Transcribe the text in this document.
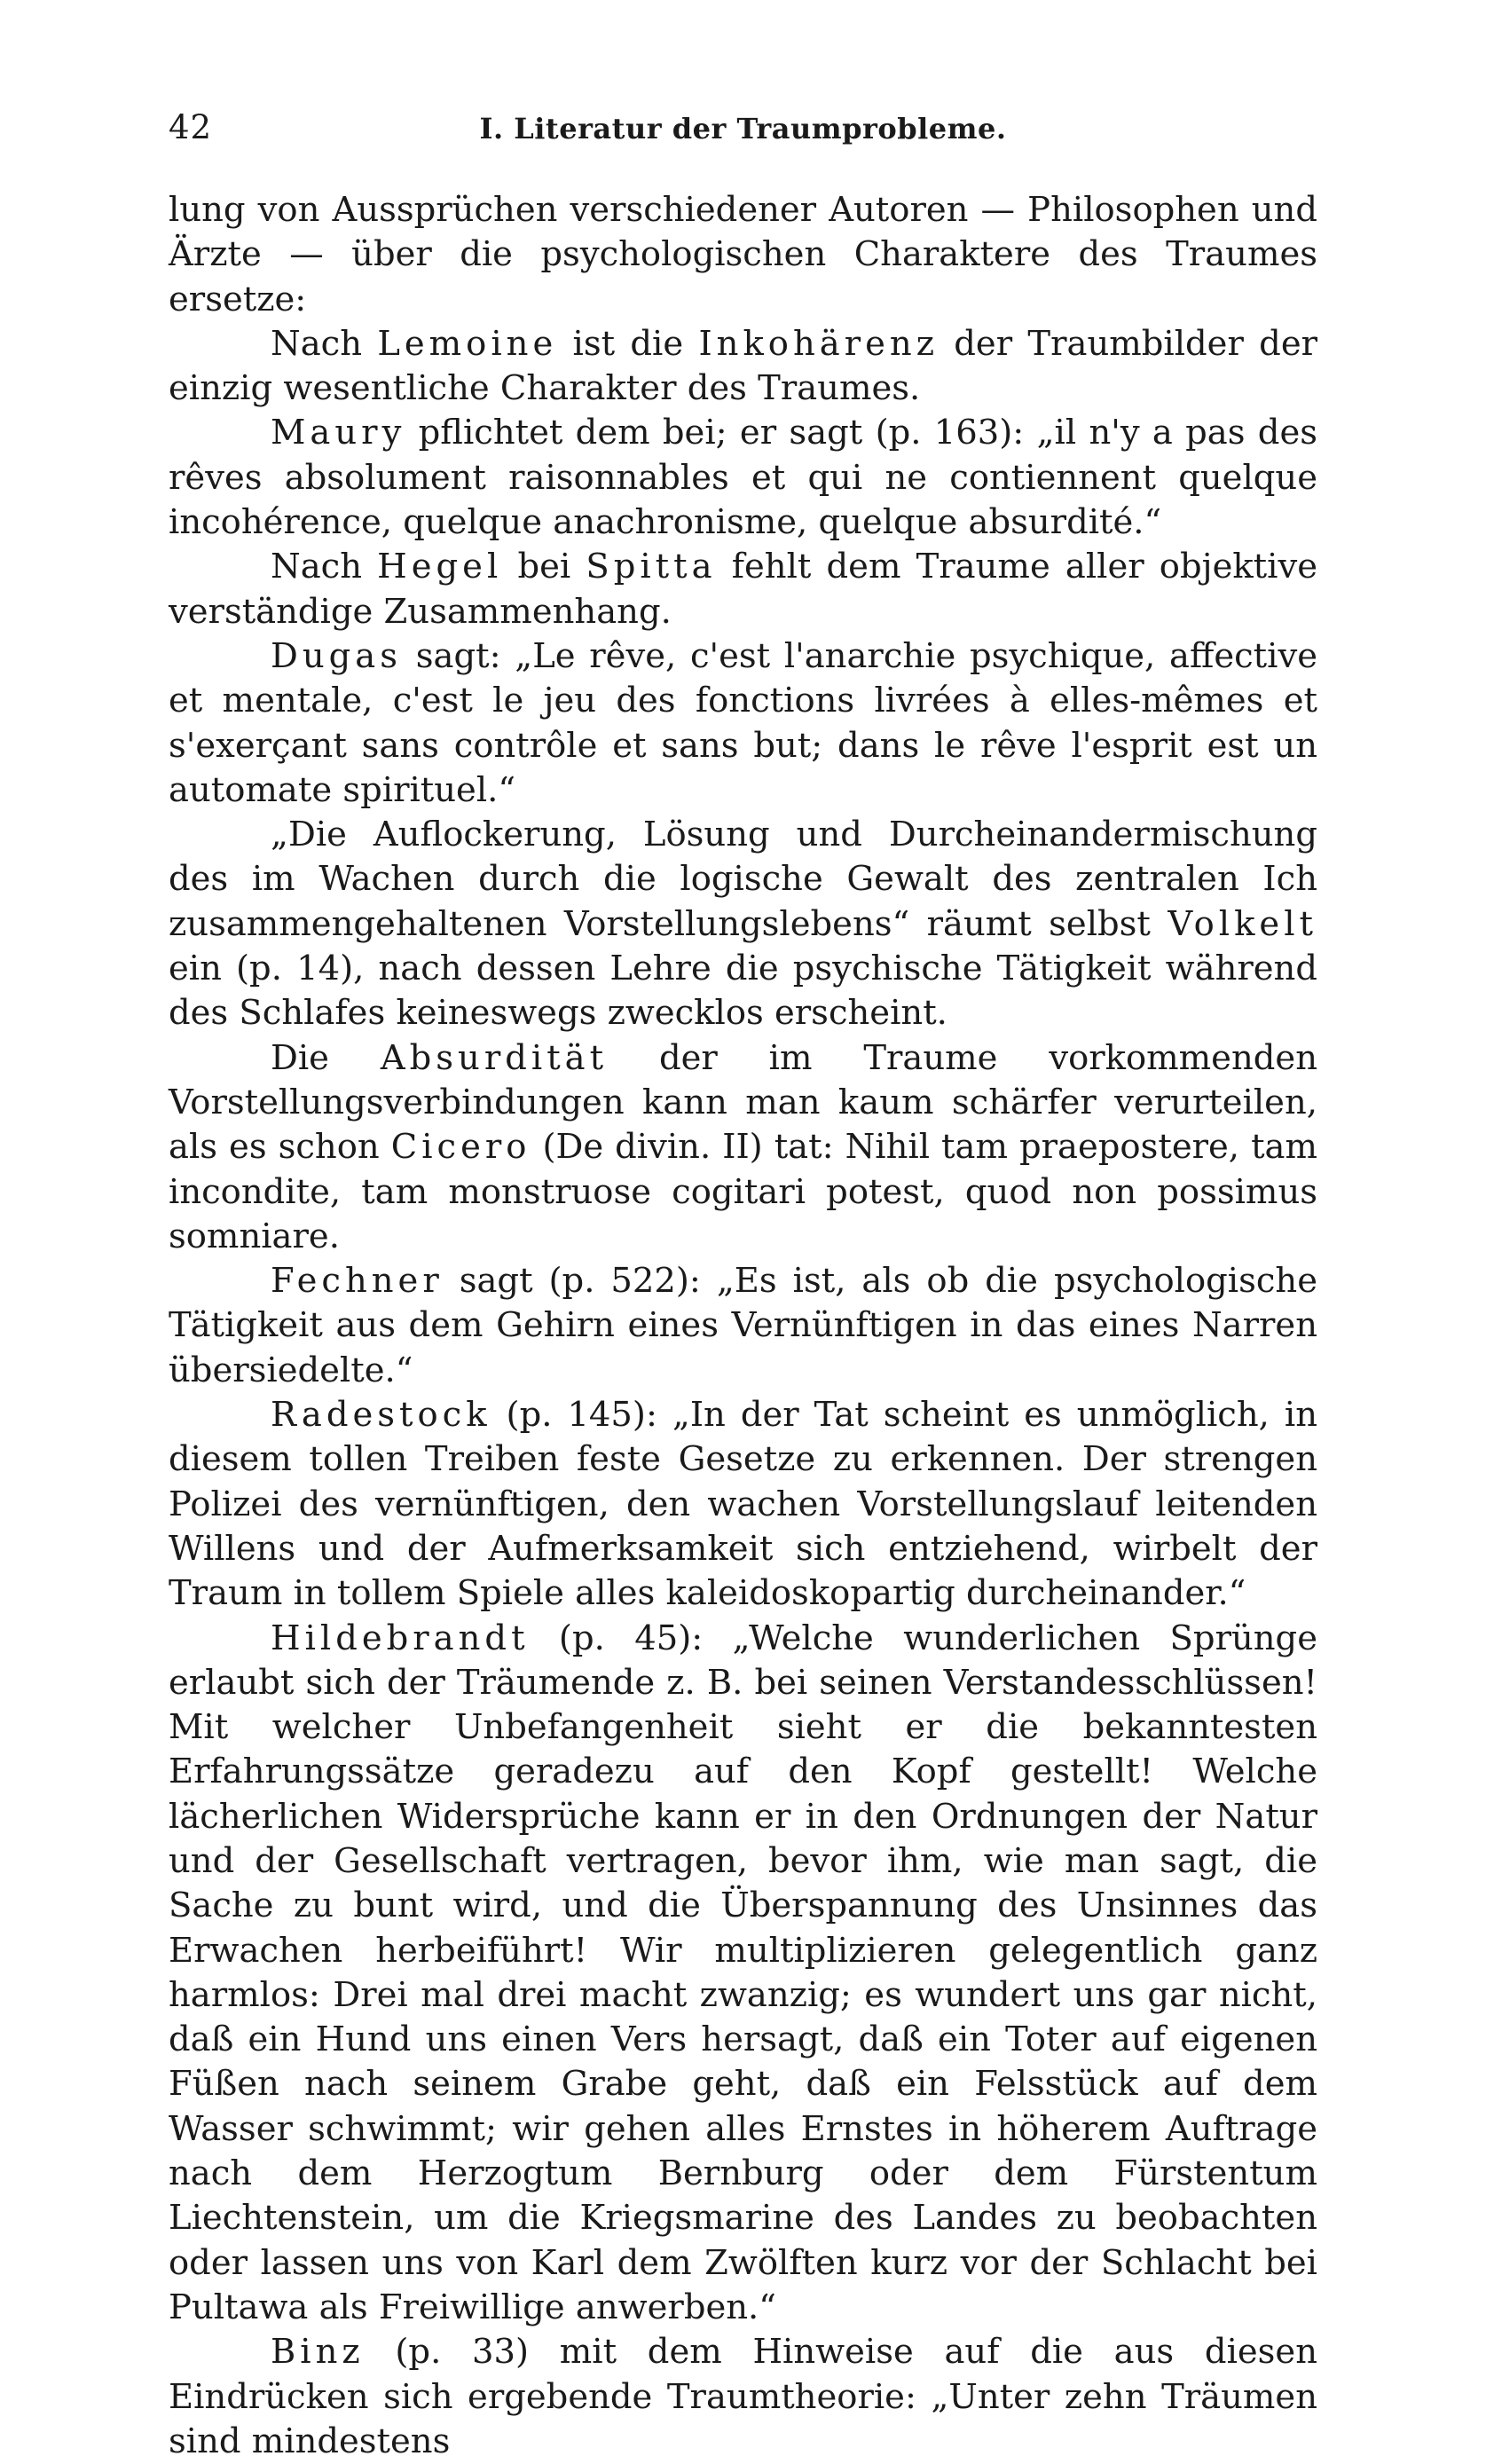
42	I. Literatur der Traumprobleme.

lung von Aussprüchen verschiedener Autoren — Philosophen und Ärzte — über die psychologischen Charaktere des Traumes ersetze:

Nach Lemoine ist die Inkohärenz der Traumbilder der einzig wesentliche Charakter des Traumes.

Maury pflichtet dem bei; er sagt (p. 163): „il n'y a pas des rêves absolument raisonnables et qui ne contiennent quelque incohérence, quelque anachronisme, quelque absurdité.“

Nach Hegel bei Spitta fehlt dem Traume aller objektive verständige Zusammenhang.

Dugas sagt: „Le rêve, c'est l'anarchie psychique, affective et mentale, c'est le jeu des fonctions livrées à elles-mêmes et s'exerçant sans contrôle et sans but; dans le rêve l'esprit est un automate spirituel.“

„Die Auflockerung, Lösung und Durcheinandermischung des im Wachen durch die logische Gewalt des zentralen Ich zusammengehaltenen Vorstellungslebens“ räumt selbst Volkelt ein (p. 14), nach dessen Lehre die psychische Tätigkeit während des Schlafes keineswegs zwecklos erscheint.

Die Absurdität der im Traume vorkommenden Vorstellungsverbindungen kann man kaum schärfer verurteilen, als es schon Cicero (De divin. II) tat: Nihil tam praepostere, tam incondite, tam monstruose cogitari potest, quod non possimus somniare.

Fechner sagt (p. 522): „Es ist, als ob die psychologische Tätigkeit aus dem Gehirn eines Vernünftigen in das eines Narren übersiedelte.“

Radestock (p. 145): „In der Tat scheint es unmöglich, in diesem tollen Treiben feste Gesetze zu erkennen. Der strengen Polizei des vernünftigen, den wachen Vorstellungslauf leitenden Willens und der Aufmerksamkeit sich entziehend, wirbelt der Traum in tollem Spiele alles kaleidoskopartig durcheinander.“

Hildebrandt (p. 45): „Welche wunderlichen Sprünge erlaubt sich der Träumende z. B. bei seinen Verstandesschlüssen! Mit welcher Unbefangenheit sieht er die bekanntesten Erfahrungssätze geradezu auf den Kopf gestellt! Welche lächerlichen Widersprüche kann er in den Ordnungen der Natur und der Gesellschaft vertragen, bevor ihm, wie man sagt, die Sache zu bunt wird, und die Überspannung des Unsinnes das Erwachen herbeiführt! Wir multiplizieren gelegentlich ganz harmlos: Drei mal drei macht zwanzig; es wundert uns gar nicht, daß ein Hund uns einen Vers hersagt, daß ein Toter auf eigenen Füßen nach seinem Grabe geht, daß ein Felsstück auf dem Wasser schwimmt; wir gehen alles Ernstes in höherem Auftrage nach dem Herzogtum Bernburg oder dem Fürstentum Liechtenstein, um die Kriegsmarine des Landes zu beobachten oder lassen uns von Karl dem Zwölften kurz vor der Schlacht bei Pultawa als Freiwillige anwerben.“

Binz (p. 33) mit dem Hinweise auf die aus diesen Eindrücken sich ergebende Traumtheorie: „Unter zehn Träumen sind mindestens
